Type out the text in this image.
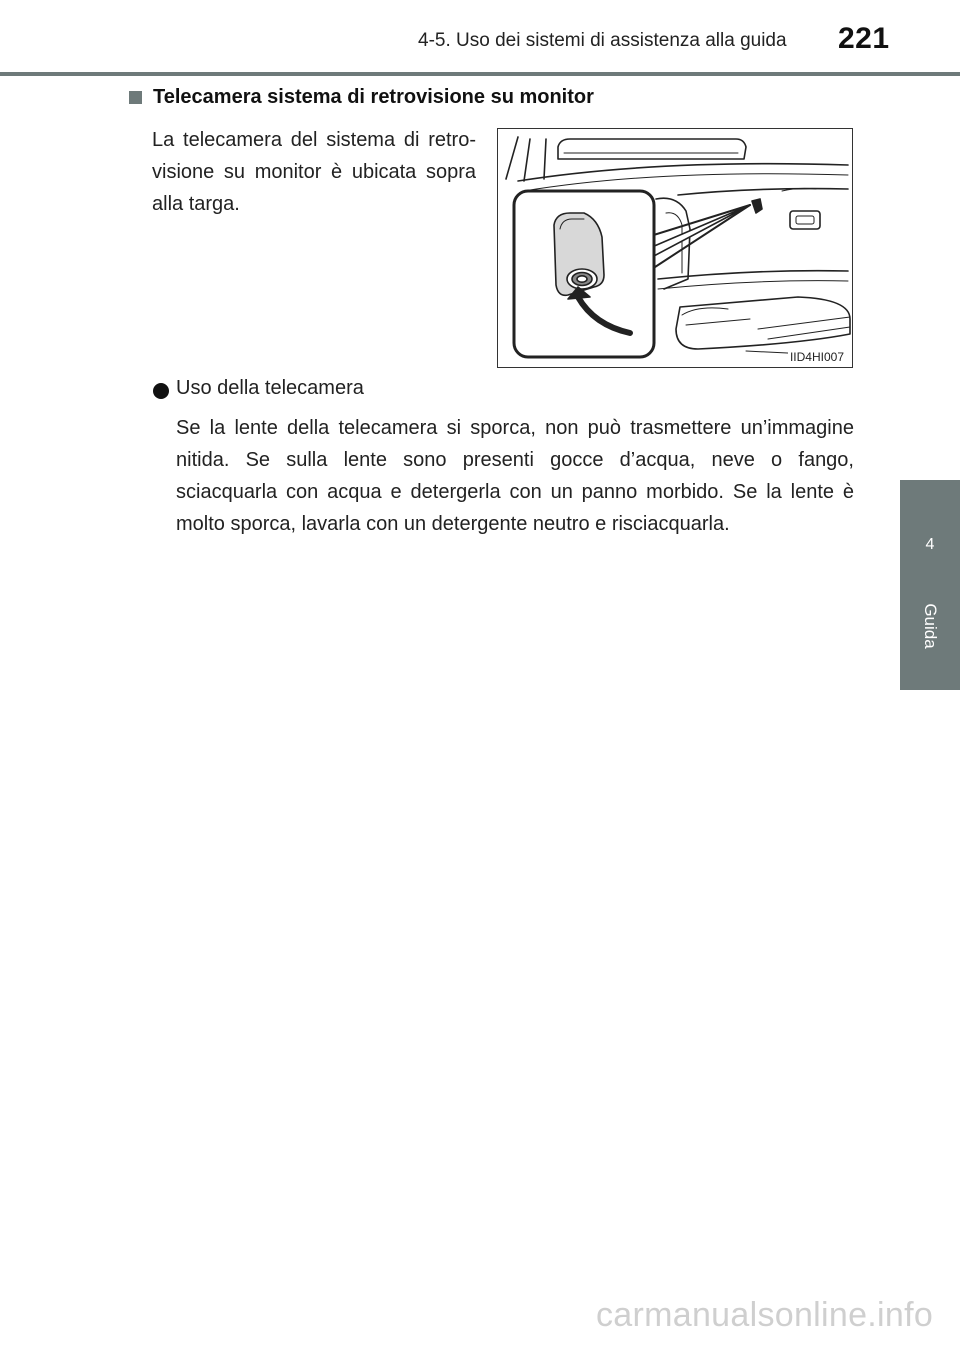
4-5. Uso dei sistemi di assistenza alla guida 221
4
Guida
Telecamera sistema di retrovisione su monitor
La telecamera del sistema di retrovisione su monitor è ubicata sopra alla targa.
IID4HI007
Uso della telecamera
Se la lente della telecamera si sporca, non può trasmettere un’immagine nitida. Se sulla lente sono presenti gocce d’acqua, neve o fango, sciacquarla con acqua e detergerla con un panno morbido. Se la lente è molto sporca, lavarla con un detergente neutro e risciacquarla.
carmanualsonline.info
